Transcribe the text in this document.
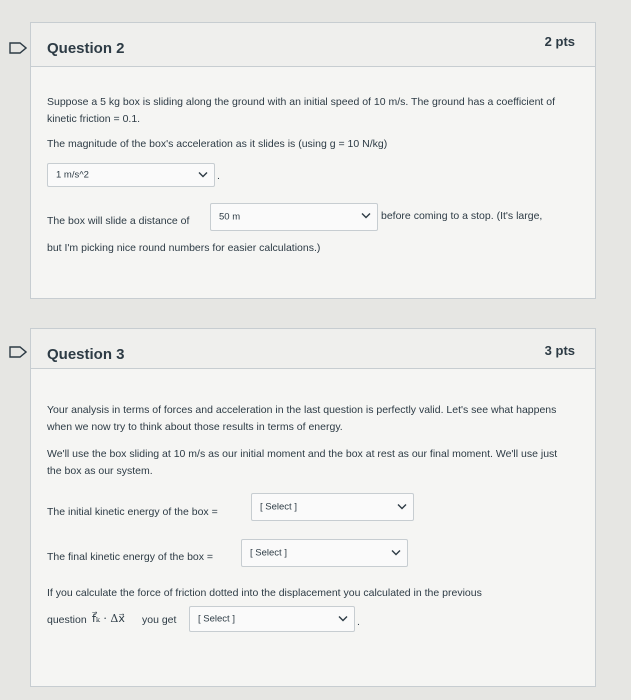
Question 2	2 pts
Suppose a 5 kg box is sliding along the ground with an initial speed of 10 m/s. The ground has a coefficient of kinetic friction = 0.1.
The magnitude of the box's acceleration as it slides is (using g = 10 N/kg)
1 m/s^2	.
The box will slide a distance of	50 m	before coming to a stop. (It's large,
but I'm picking nice round numbers for easier calculations.)
Question 3	3 pts
Your analysis in terms of forces and acceleration in the last question is perfectly valid. Let's see what happens when we now try to think about those results in terms of energy.
We'll use the box sliding at 10 m/s as our initial moment and the box at rest as our final moment. We'll use just the box as our system.
The initial kinetic energy of the box =	[ Select ]
The final kinetic energy of the box =	[ Select ]
If you calculate the force of friction dotted into the displacement you calculated in the previous
question f⃗ₖ · Δx⃗ you get [ Select ]	.
